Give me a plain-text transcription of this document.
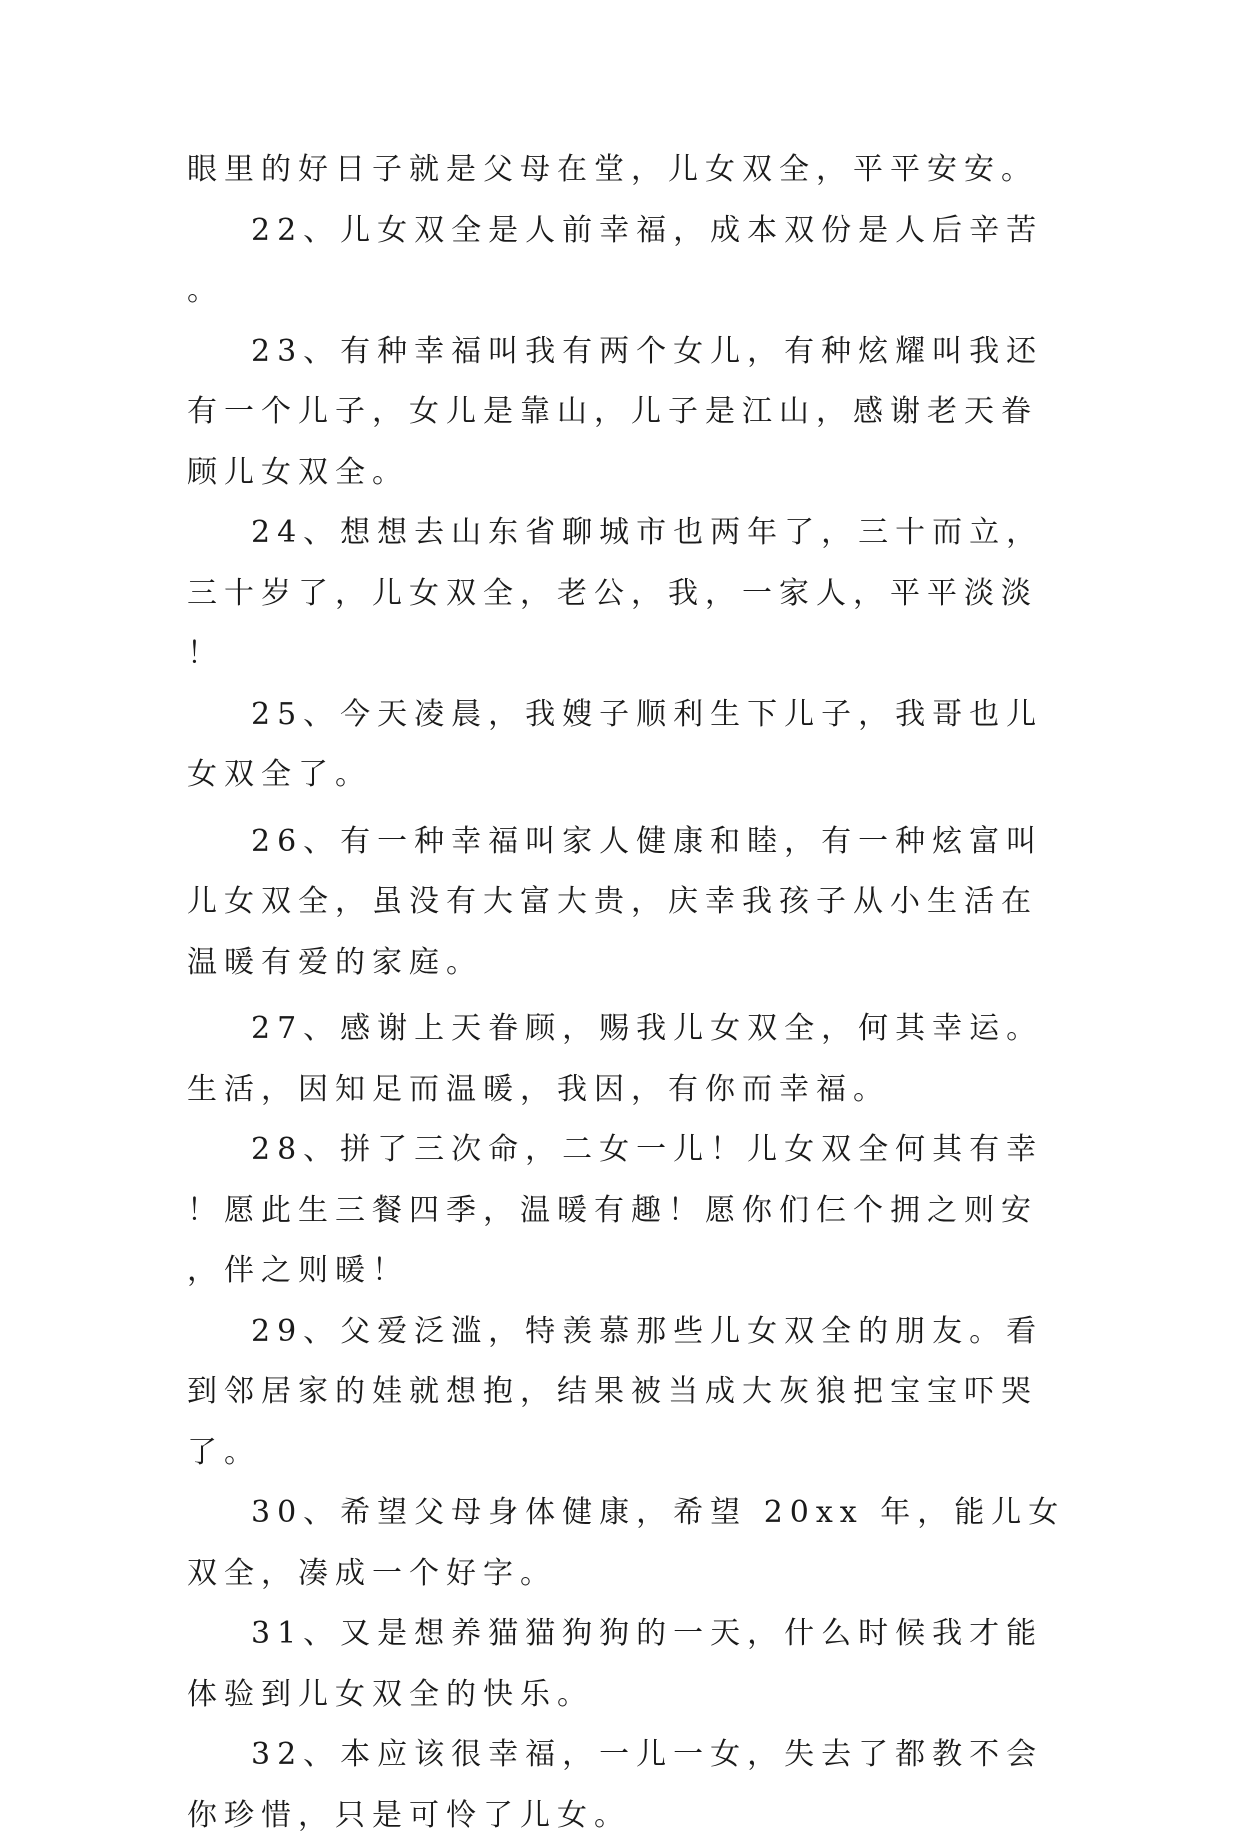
眼里的好日子就是父母在堂，儿女双全，平平安安。

22、儿女双全是人前幸福，成本双份是人后辛苦。

23、有种幸福叫我有两个女儿，有种炫耀叫我还有一个儿子，女儿是靠山，儿子是江山，感谢老天眷顾儿女双全。

24、想想去山东省聊城市也两年了，三十而立，三十岁了，儿女双全，老公，我，一家人，平平淡淡！

25、今天凌晨，我嫂子顺利生下儿子，我哥也儿女双全了。

26、有一种幸福叫家人健康和睦，有一种炫富叫儿女双全，虽没有大富大贵，庆幸我孩子从小生活在温暖有爱的家庭。

27、感谢上天眷顾，赐我儿女双全，何其幸运。生活，因知足而温暖，我因，有你而幸福。

28、拼了三次命，二女一儿！儿女双全何其有幸！愿此生三餐四季，温暖有趣！愿你们仨个拥之则安，伴之则暖！

29、父爱泛滥，特羡慕那些儿女双全的朋友。看到邻居家的娃就想抱，结果被当成大灰狼把宝宝吓哭了。

30、希望父母身体健康，希望 20xx 年，能儿女双全，凑成一个好字。

31、又是想养猫猫狗狗的一天，什么时候我才能体验到儿女双全的快乐。

32、本应该很幸福，一儿一女，失去了都教不会你珍惜，只是可怜了儿女。
